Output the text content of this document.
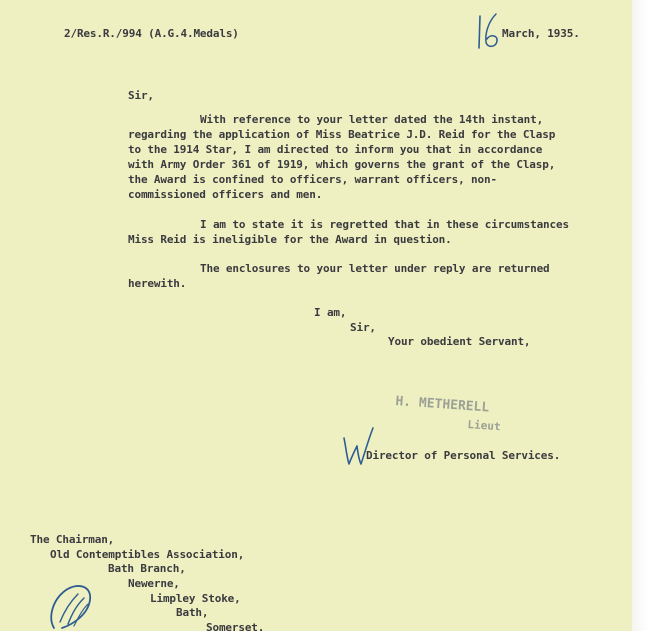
2/Res.R./994 (A.G.4.Medals)	March, 1935.
Sir,
With reference to your letter dated the 14th instant,
regarding the application of Miss Beatrice J.D. Reid for the Clasp
to the 1914 Star, I am directed to inform you that in accordance
with Army Order 361 of 1919, which governs the grant of the Clasp,
the Award is confined to officers, warrant officers, non-
commissioned officers and men.
I am to state it is regretted that in these circumstances
Miss Reid is ineligible for the Award in question.
The enclosures to your letter under reply are returned
herewith.
I am,
Sir,
Your obedient Servant,
H. METHERELL
Lieut
Director of Personal Services.
The Chairman,
Old Contemptibles Association,
Bath Branch,
Newerne,
Limpley Stoke,
Bath,
Somerset.
